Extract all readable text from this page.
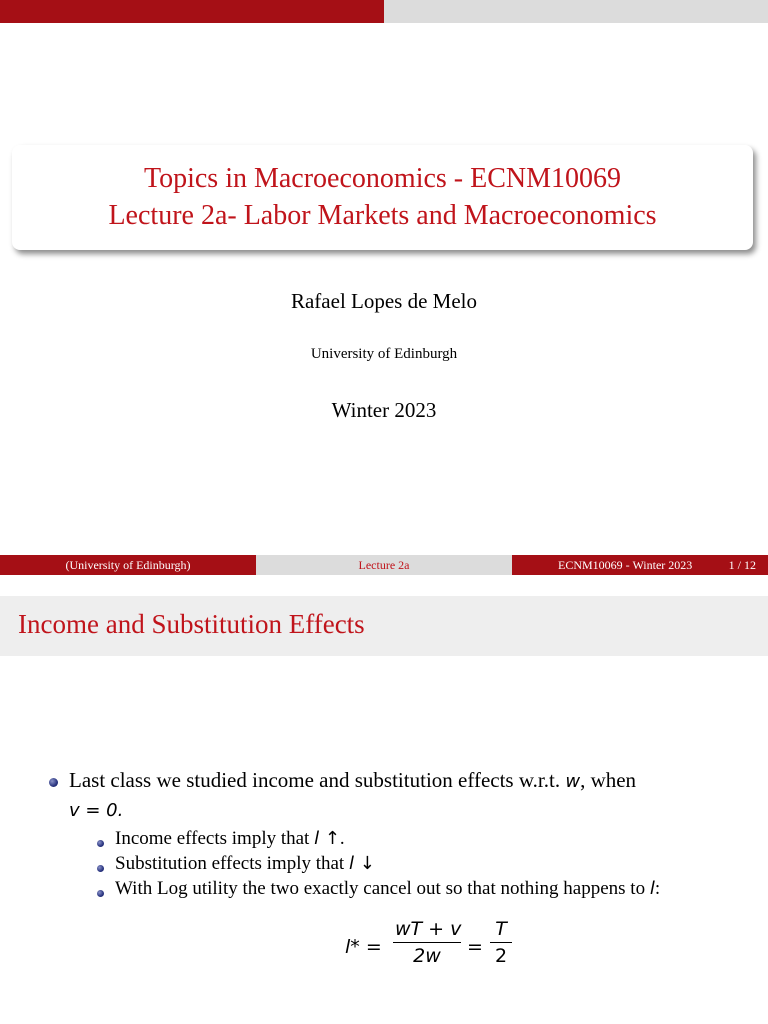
Topics in Macroeconomics - ECNM10069
Lecture 2a- Labor Markets and Macroeconomics
Rafael Lopes de Melo
University of Edinburgh
Winter 2023
(University of Edinburgh)	Lecture 2a	ECNM10069 - Winter 2023	1 / 12
Income and Substitution Effects
Last class we studied income and substitution effects w.r.t. w, when
v = 0.
Income effects imply that l ↑.
Substitution effects imply that l ↓
With Log utility the two exactly cancel out so that nothing happens to l:
l* =
wT + v
2w	=
T
2
